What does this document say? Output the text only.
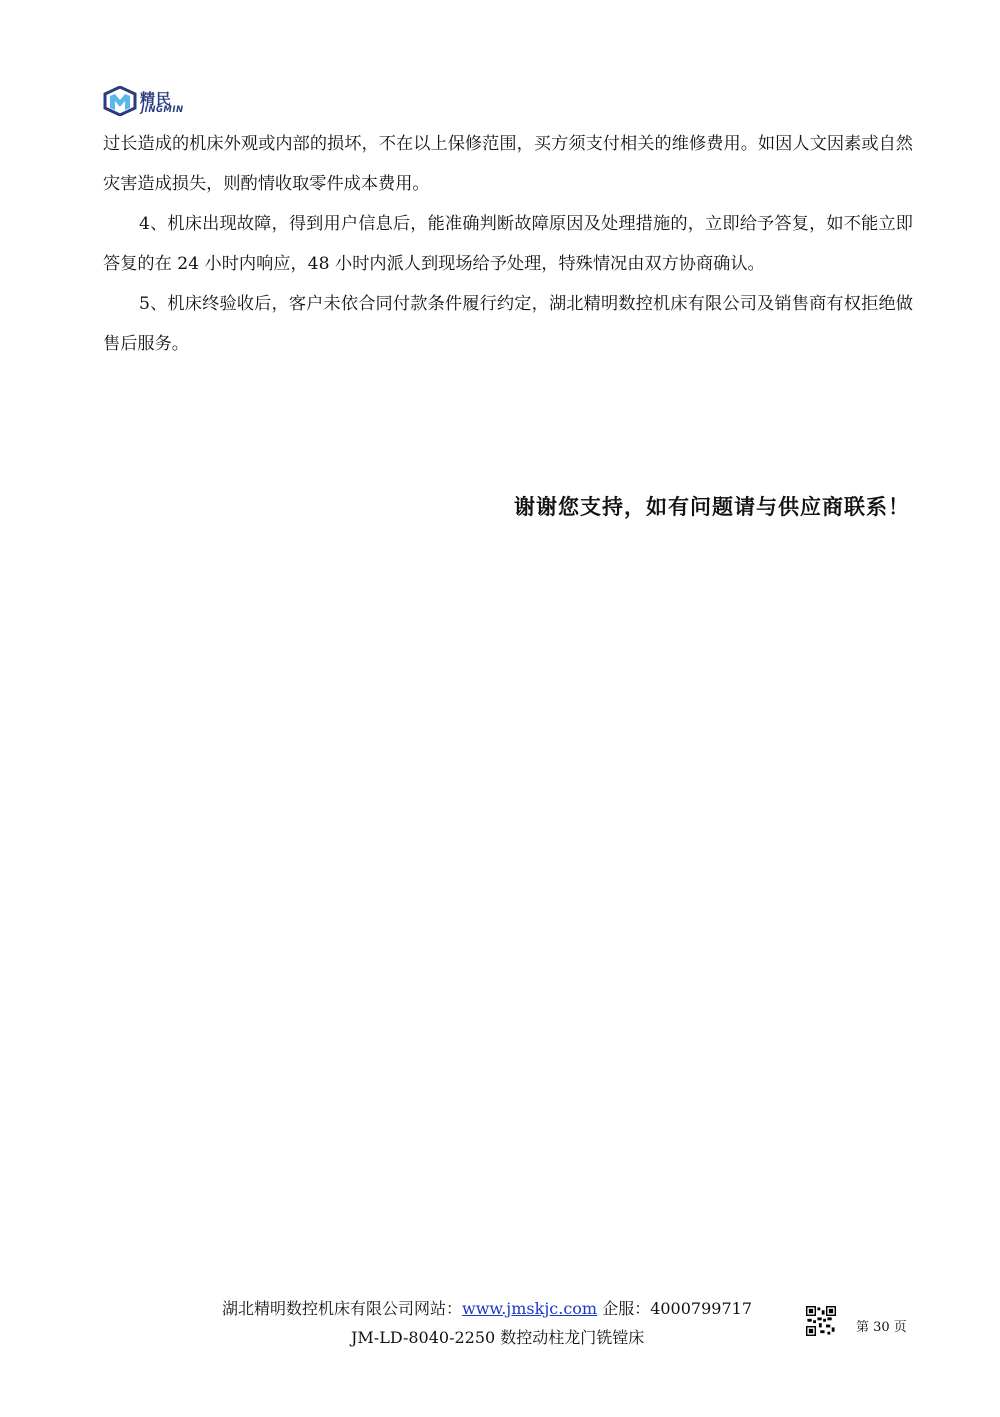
精民
JINGMIN

过长造成的机床外观或内部的损坏，不在以上保修范围，买方须支付相关的维修费用。如因人文因素或自然灾害造成损失，则酌情收取零件成本费用。

4、机床出现故障，得到用户信息后，能准确判断故障原因及处理措施的，立即给予答复，如不能立即答复的在 24 小时内响应，48 小时内派人到现场给予处理，特殊情况由双方协商确认。

5、机床终验收后，客户未依合同付款条件履行约定，湖北精明数控机床有限公司及销售商有权拒绝做售后服务。

谢谢您支持，如有问题请与供应商联系！
湖北精明数控机床有限公司网站：www.jmskjc.com 企服：4000799717
JM-LD-8040-2250 数控动柱龙门铣镗床
第 30 页
